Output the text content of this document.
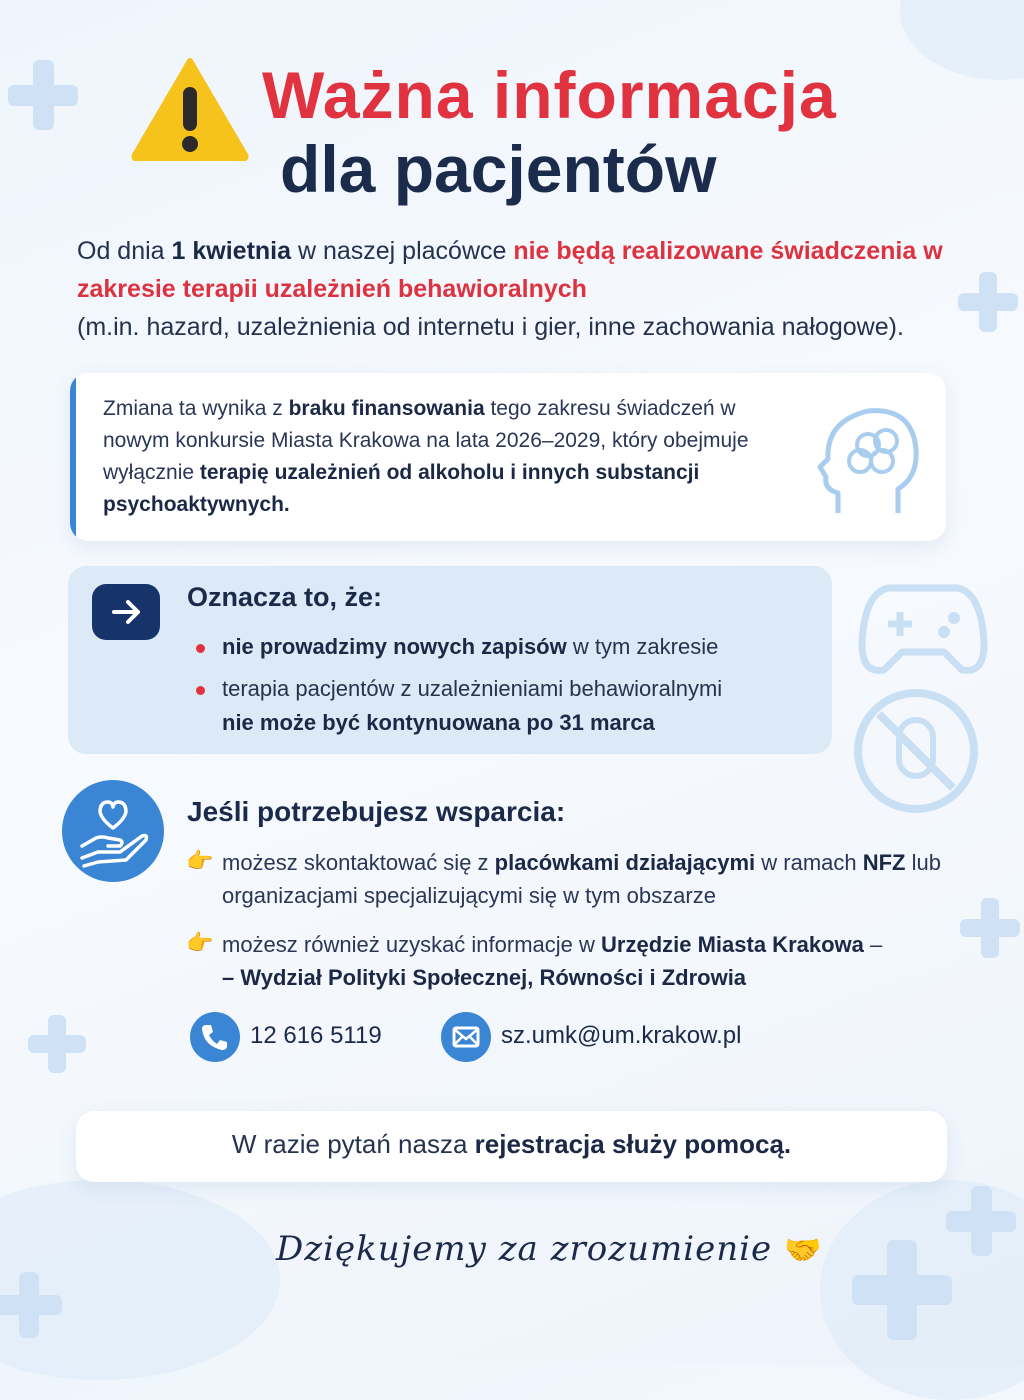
Ważna informacja
dla pacjentów
Od dnia 1 kwietnia w naszej placówce nie będą realizowane świadczenia w zakresie terapii uzależnień behawioralnych
(m.in. hazard, uzależnienia od internetu i gier, inne zachowania nałogowe).
Zmiana ta wynika z braku finansowania tego zakresu świadczeń w nowym konkursie Miasta Krakowa na lata 2026–2029, który obejmuje wyłącznie terapię uzależnień od alkoholu i innych substancji psychoaktywnych.
Oznacza to, że:
nie prowadzimy nowych zapisów w tym zakresie
terapia pacjentów z uzależnieniami behawioralnymi
nie może być kontynuowana po 31 marca
Jeśli potrzebujesz wsparcia:
👉 możesz skontaktować się z placówkami działającymi w ramach NFZ lub organizacjami specjalizującymi się w tym obszarze
👉 możesz również uzyskać informacje w Urzędzie Miasta Krakowa –
– Wydział Polityki Społecznej, Równości i Zdrowia
12 616 5119	sz.umk@um.krakow.pl
W razie pytań nasza rejestracja służy pomocą.
Dziękujemy za zrozumienie 🤝
